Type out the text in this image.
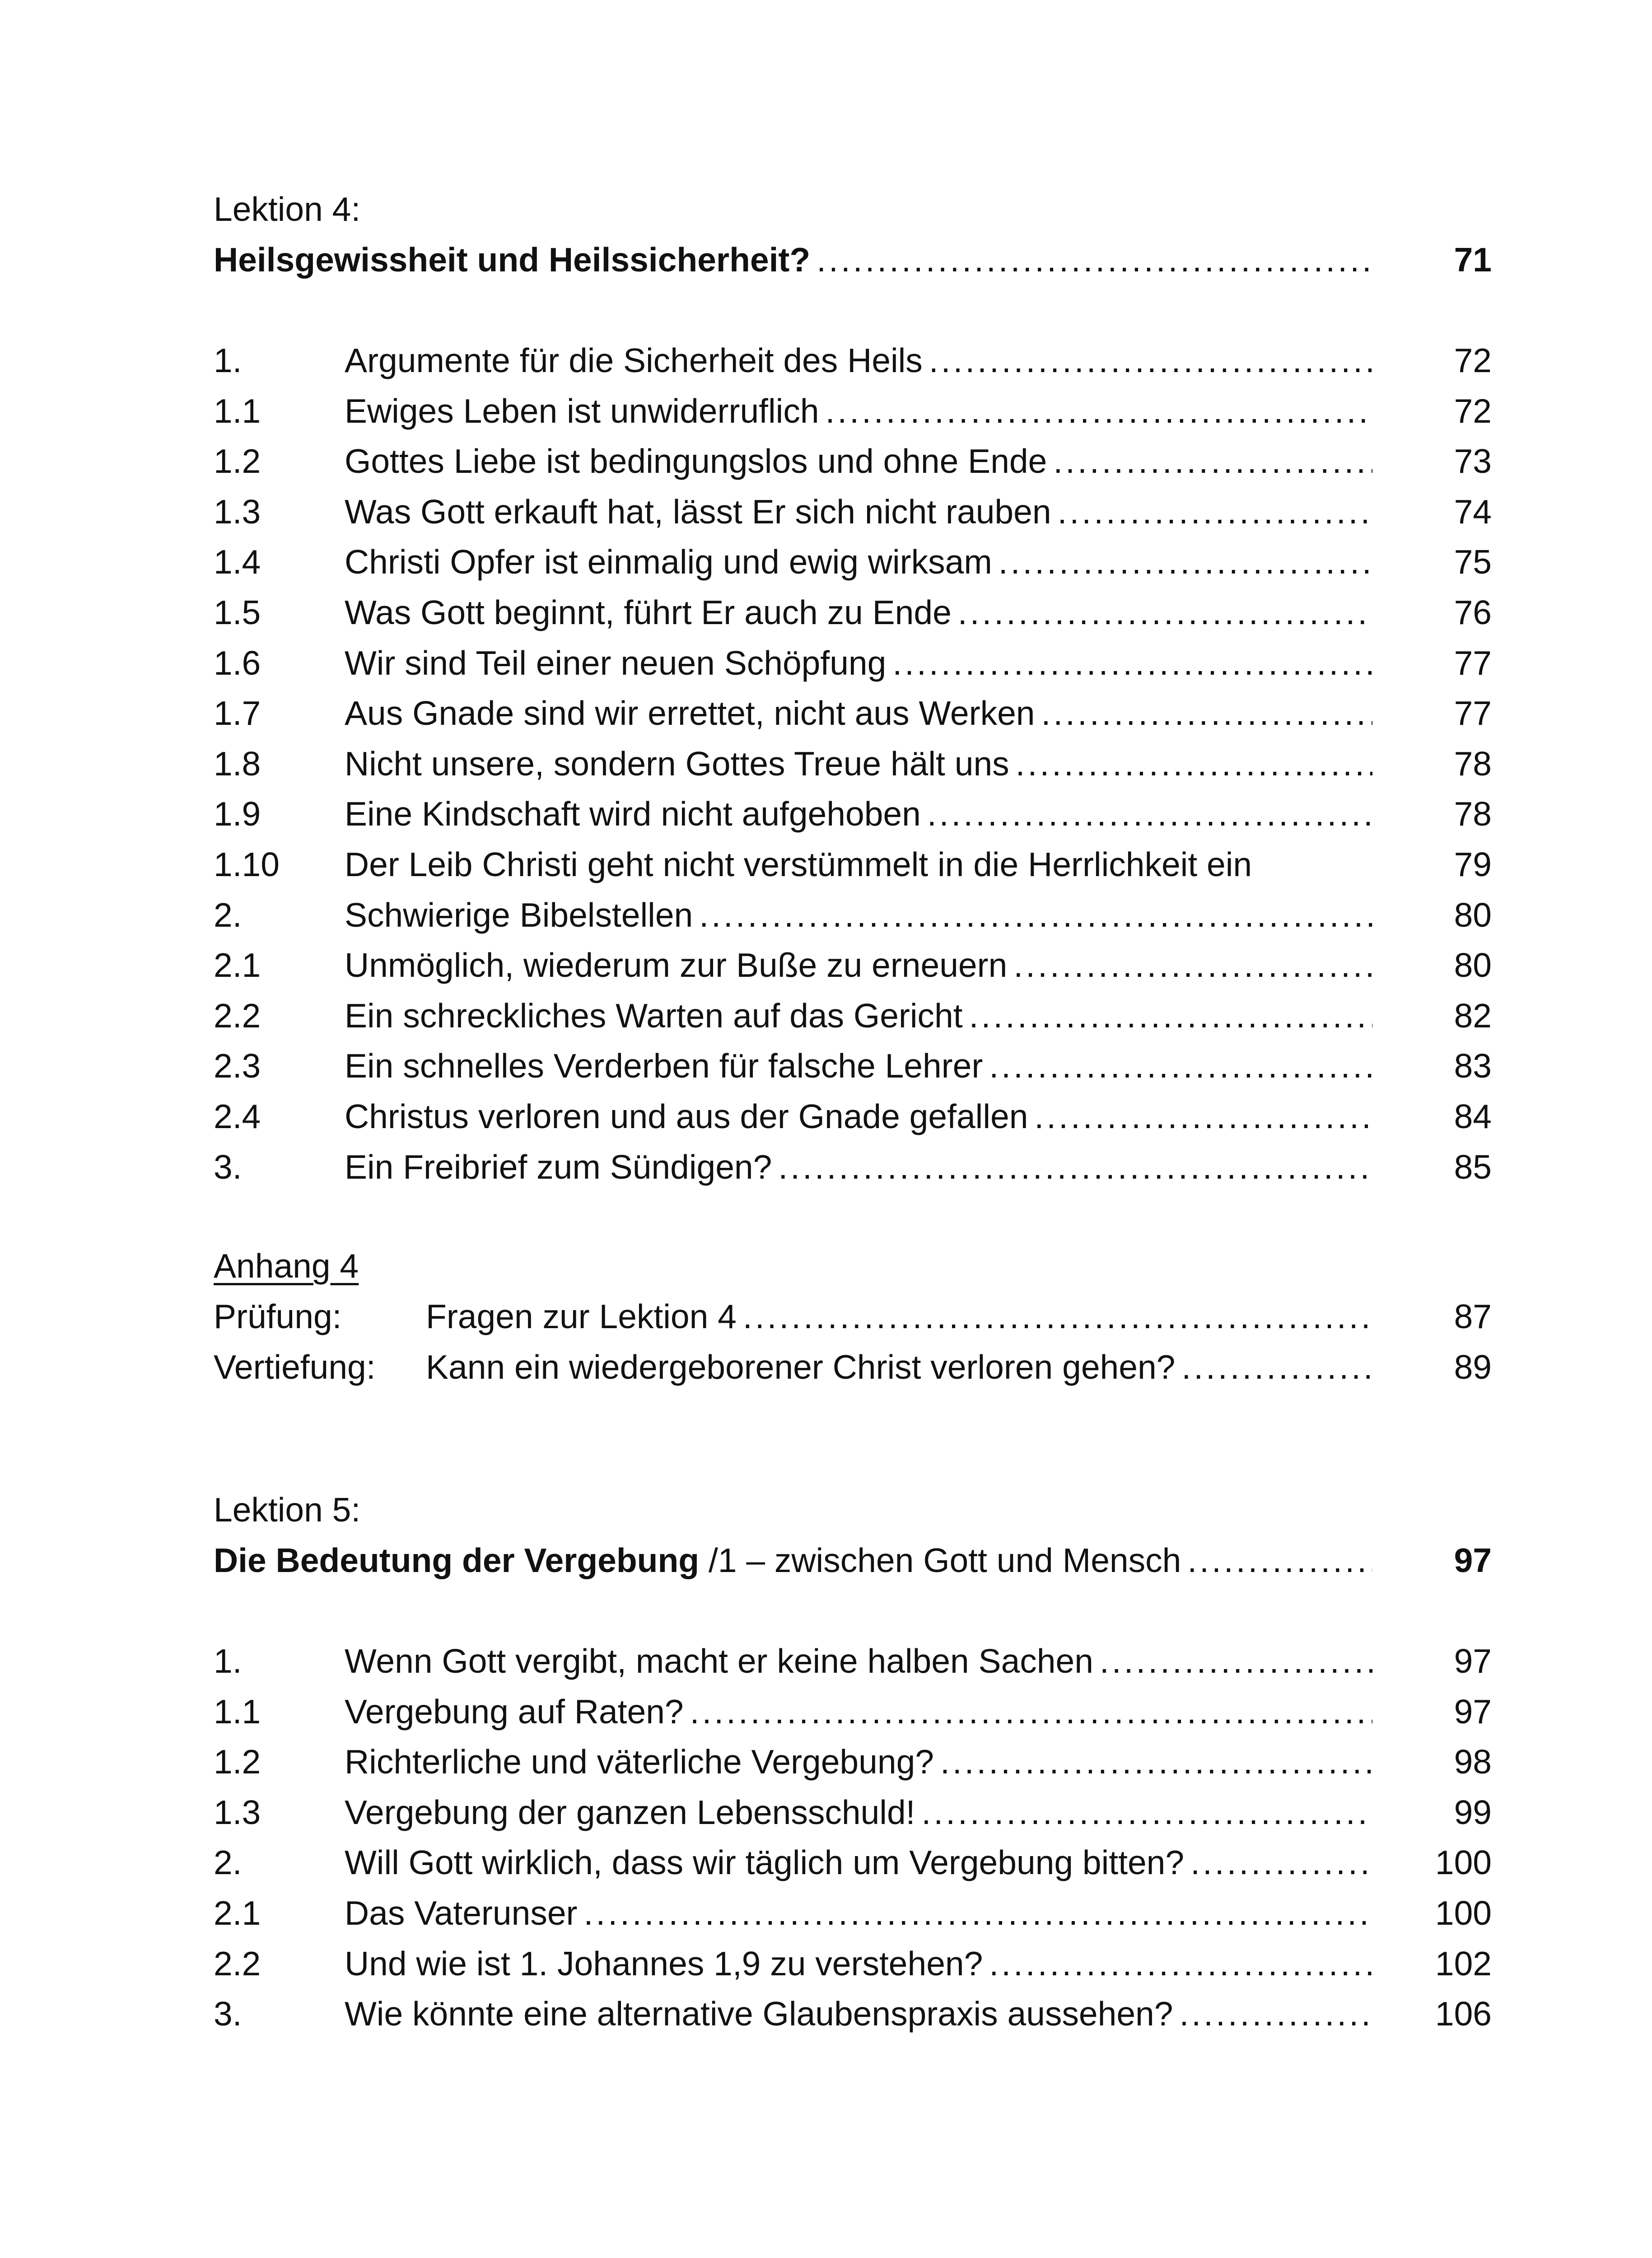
Lektion 4:
Heilsgewissheit und Heilssicherheit? .....	71
1.	Argumente für die Sicherheit des Heils .....	72
1.1	Ewiges Leben ist unwiderruflich .....	72
1.2	Gottes Liebe ist bedingungslos und ohne Ende .....	73
1.3	Was Gott erkauft hat, lässt Er sich nicht rauben .....	74
1.4	Christi Opfer ist einmalig und ewig wirksam .....	75
1.5	Was Gott beginnt, führt Er auch zu Ende .....	76
1.6	Wir sind Teil einer neuen Schöpfung .....	77
1.7	Aus Gnade sind wir errettet, nicht aus Werken .....	77
1.8	Nicht unsere, sondern Gottes Treue hält uns .....	78
1.9	Eine Kindschaft wird nicht aufgehoben .....	78
1.10	Der Leib Christi geht nicht verstümmelt in die Herrlichkeit ein	79
2.	Schwierige Bibelstellen .....	80
2.1	Unmöglich, wiederum zur Buße zu erneuern .....	80
2.2	Ein schreckliches Warten auf das Gericht .....	82
2.3	Ein schnelles Verderben für falsche Lehrer .....	83
2.4	Christus verloren und aus der Gnade gefallen .....	84
3.	Ein Freibrief zum Sündigen? .....	85
Anhang 4
Prüfung:	Fragen zur Lektion 4 .....	87
Vertiefung:	Kann ein wiedergeborener Christ verloren gehen? .....	89
Lektion 5:
Die Bedeutung der Vergebung /1 – zwischen Gott und Mensch .....	97
1.	Wenn Gott vergibt, macht er keine halben Sachen .....	97
1.1	Vergebung auf Raten? .....	97
1.2	Richterliche und väterliche Vergebung? .....	98
1.3	Vergebung der ganzen Lebensschuld! .....	99
2.	Will Gott wirklich, dass wir täglich um Vergebung bitten? .....	100
2.1	Das Vaterunser .....	100
2.2	Und wie ist 1. Johannes 1,9 zu verstehen? .....	102
3.	Wie könnte eine alternative Glaubenspraxis aussehen? .....	106
